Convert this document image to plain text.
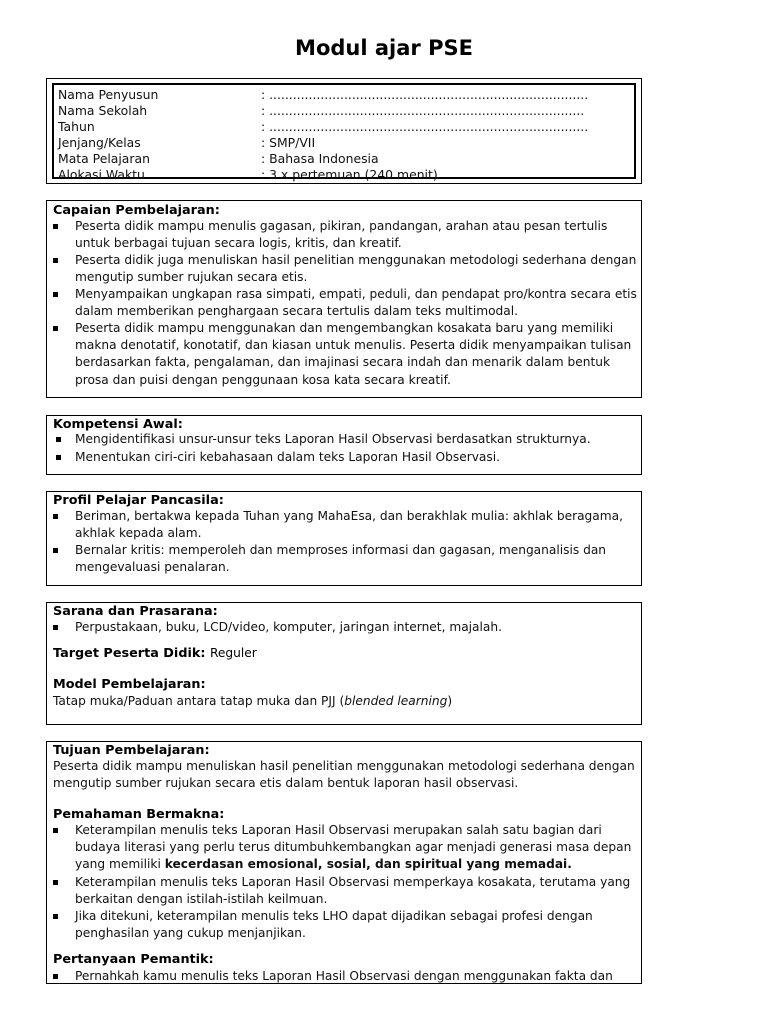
Modul ajar PSE
Nama Penyusun	: .................................................................................
Nama Sekolah	: ................................................................................
Tahun	: .................................................................................
Jenjang/Kelas	: SMP/VII
Mata Pelajaran	: Bahasa Indonesia
Alokasi Waktu	: 3 x pertemuan (240 menit)
Capaian Pembelajaran:
Peserta didik mampu menulis gagasan, pikiran, pandangan, arahan atau pesan tertulis untuk berbagai tujuan secara logis, kritis, dan kreatif.
Peserta didik juga menuliskan hasil penelitian menggunakan metodologi sederhana dengan mengutip sumber rujukan secara etis.
Menyampaikan ungkapan rasa simpati, empati, peduli, dan pendapat pro/kontra secara etis dalam memberikan penghargaan secara tertulis dalam teks multimodal.
Peserta didik mampu menggunakan dan mengembangkan kosakata baru yang memiliki makna denotatif, konotatif, dan kiasan untuk menulis. Peserta didik menyampaikan tulisan berdasarkan fakta, pengalaman, dan imajinasi secara indah dan menarik dalam bentuk prosa dan puisi dengan penggunaan kosa kata secara kreatif.
Kompetensi Awal:
Mengidentifikasi unsur-unsur teks Laporan Hasil Observasi berdasatkan strukturnya.
Menentukan ciri-ciri kebahasaan dalam teks Laporan Hasil Observasi.
Profil Pelajar Pancasila:
Beriman, bertakwa kepada Tuhan yang MahaEsa, dan berakhlak mulia: akhlak beragama, akhlak kepada alam.
Bernalar kritis: memperoleh dan memproses informasi dan gagasan, menganalisis dan mengevaluasi penalaran.
Sarana dan Prasarana:
Perpustakaan, buku, LCD/video, komputer, jaringan internet, majalah.
Target Peserta Didik: Reguler
Model Pembelajaran:
Tatap muka/Paduan antara tatap muka dan PJJ (blended learning)
Tujuan Pembelajaran:
Peserta didik mampu menuliskan hasil penelitian menggunakan metodologi sederhana dengan mengutip sumber rujukan secara etis dalam bentuk laporan hasil observasi.
Pemahaman Bermakna:
Keterampilan menulis teks Laporan Hasil Observasi merupakan salah satu bagian dari budaya literasi yang perlu terus ditumbuhkembangkan agar menjadi generasi masa depan yang memiliki kecerdasan emosional, sosial, dan spiritual yang memadai.
Keterampilan menulis teks Laporan Hasil Observasi memperkaya kosakata, terutama yang berkaitan dengan istilah-istilah keilmuan.
Jika ditekuni, keterampilan menulis teks LHO dapat dijadikan sebagai profesi dengan penghasilan yang cukup menjanjikan.
Pertanyaan Pemantik:
Pernahkah kamu menulis teks Laporan Hasil Observasi dengan menggunakan fakta dan
